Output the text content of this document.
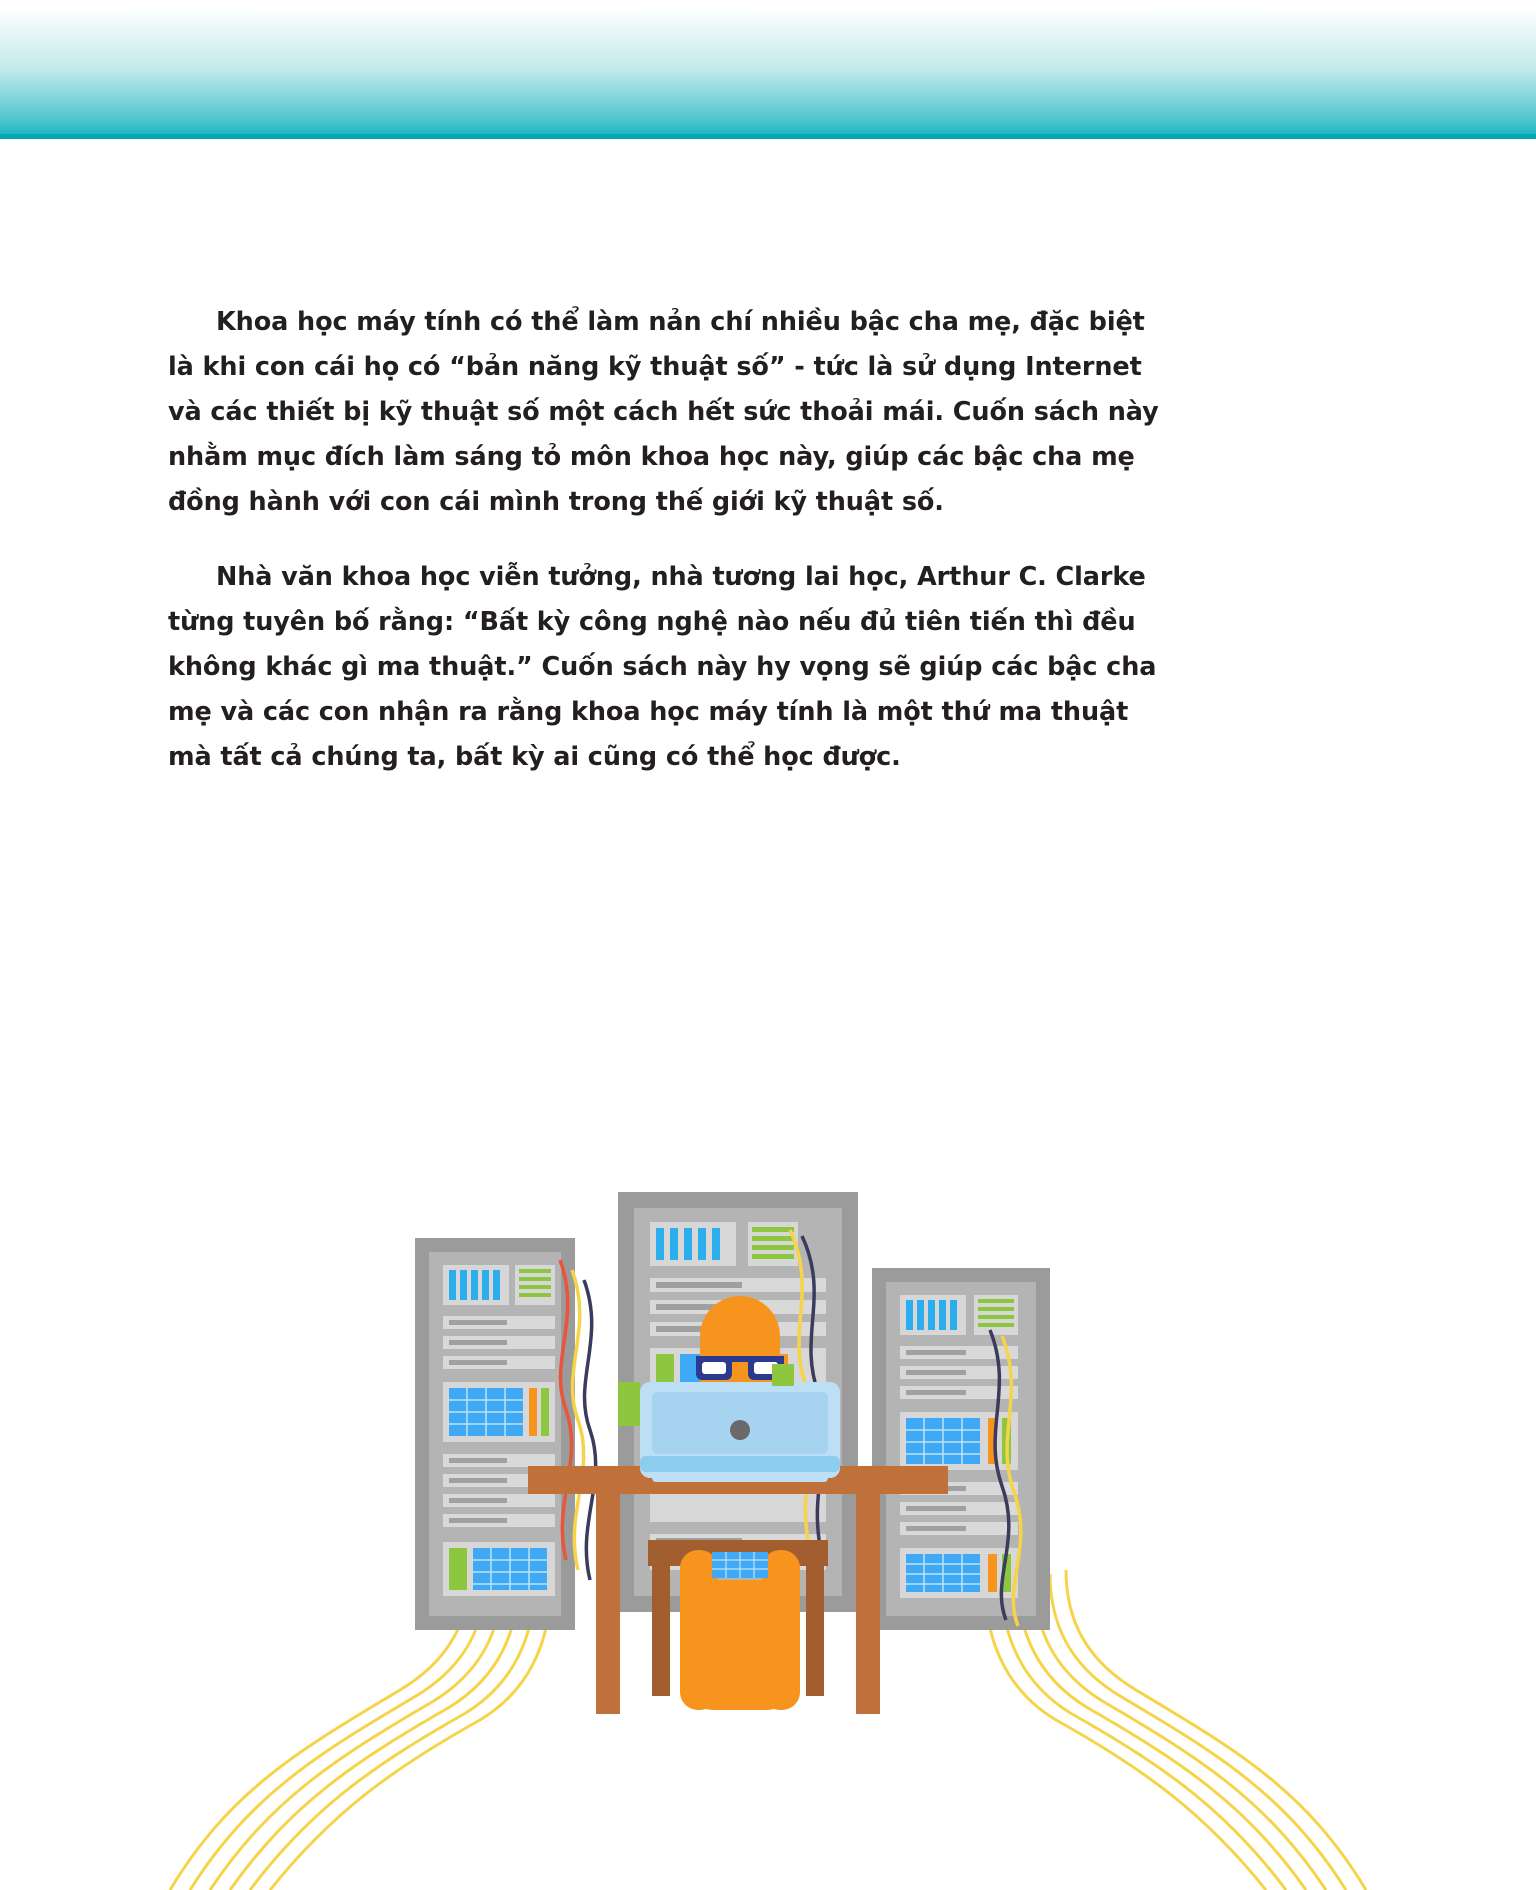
Khoa học máy tính có thể làm nản chí nhiều bậc cha mẹ, đặc biệt là khi con cái họ có “bản năng kỹ thuật số” - tức là sử dụng Internet và các thiết bị kỹ thuật số một cách hết sức thoải mái. Cuốn sách này nhằm mục đích làm sáng tỏ môn khoa học này, giúp các bậc cha mẹ đồng hành với con cái mình trong thế giới kỹ thuật số.

Nhà văn khoa học viễn tưởng, nhà tương lai học, Arthur C. Clarke từng tuyên bố rằng: “Bất kỳ công nghệ nào nếu đủ tiên tiến thì đều không khác gì ma thuật.” Cuốn sách này hy vọng sẽ giúp các bậc cha mẹ và các con nhận ra rằng khoa học máy tính là một thứ ma thuật mà tất cả chúng ta, bất kỳ ai cũng có thể học được.
